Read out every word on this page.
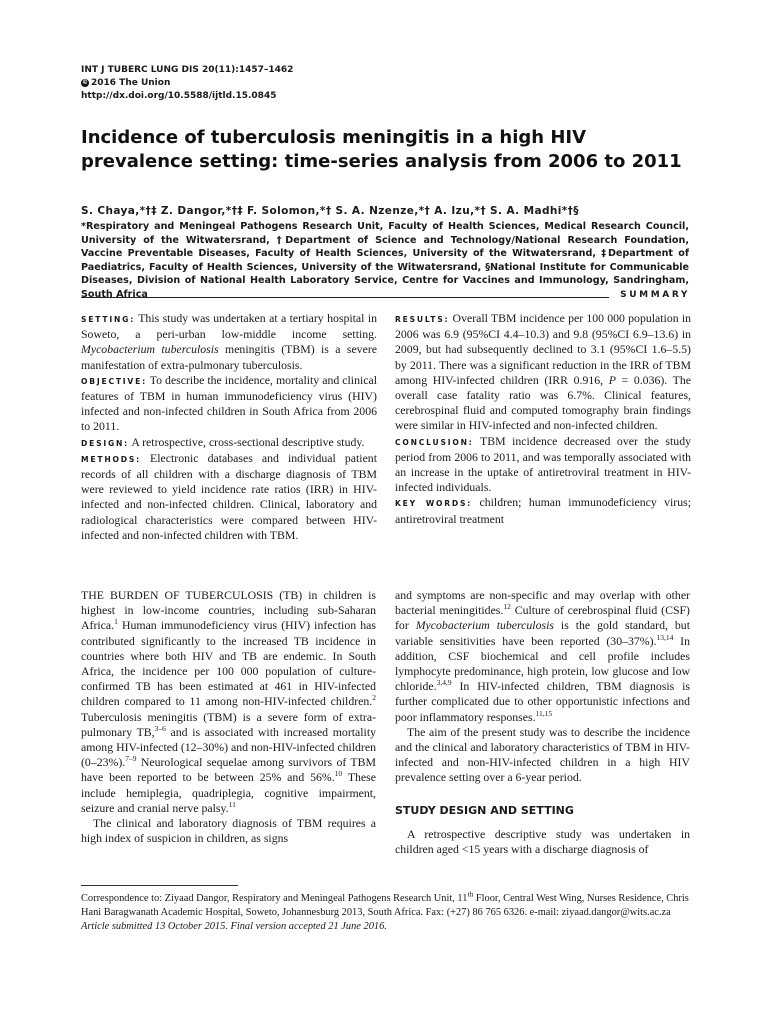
INT J TUBERC LUNG DIS 20(11):1457–1462
© 2016 The Union
http://dx.doi.org/10.5588/ijtld.15.0845
Incidence of tuberculosis meningitis in a high HIV prevalence setting: time-series analysis from 2006 to 2011
S. Chaya,*†‡ Z. Dangor,*†‡ F. Solomon,*† S. A. Nzenze,*† A. Izu,*† S. A. Madhi*†§
*Respiratory and Meningeal Pathogens Research Unit, Faculty of Health Sciences, Medical Research Council, University of the Witwatersrand, †Department of Science and Technology/National Research Foundation, Vaccine Preventable Diseases, Faculty of Health Sciences, University of the Witwatersrand, ‡Department of Paediatrics, Faculty of Health Sciences, University of the Witwatersrand, §National Institute for Communicable Diseases, Division of National Health Laboratory Service, Centre for Vaccines and Immunology, Sandringham, South Africa	SUMMARY

SETTING: This study was undertaken at a tertiary hospital in Soweto, a peri-urban low-middle income setting. Mycobacterium tuberculosis meningitis (TBM) is a severe manifestation of extra-pulmonary tuberculosis.

OBJECTIVE: To describe the incidence, mortality and clinical features of TBM in human immunodeficiency virus (HIV) infected and non-infected children in South Africa from 2006 to 2011.

DESIGN: A retrospective, cross-sectional descriptive study.

METHODS: Electronic databases and individual patient records of all children with a discharge diagnosis of TBM were reviewed to yield incidence rate ratios (IRR) in HIV-infected and non-infected children. Clinical, laboratory and radiological characteristics were compared between HIV-infected and non-infected children with TBM.

RESULTS: Overall TBM incidence per 100 000 population in 2006 was 6.9 (95%CI 4.4–10.3) and 9.8 (95%CI 6.9–13.6) in 2009, but had subsequently declined to 3.1 (95%CI 1.6–5.5) by 2011. There was a significant reduction in the IRR of TBM among HIV-infected children (IRR 0.916, P = 0.036). The overall case fatality ratio was 6.7%. Clinical features, cerebrospinal fluid and computed tomography brain findings were similar in HIV-infected and non-infected children.

CONCLUSION: TBM incidence decreased over the study period from 2006 to 2011, and was temporally associated with an increase in the uptake of antiretroviral treatment in HIV-infected individuals.

KEY WORDS: children; human immunodeficiency virus; antiretroviral treatment

THE BURDEN OF TUBERCULOSIS (TB) in children is highest in low-income countries, including sub-Saharan Africa.$^1$ Human immunodeficiency virus (HIV) infection has contributed significantly to the increased TB incidence in countries where both HIV and TB are endemic. In South Africa, the incidence per 100 000 population of culture-confirmed TB has been estimated at 461 in HIV-infected children compared to 11 among non-HIV-infected children.$^2$ Tuberculosis meningitis (TBM) is a severe form of extra-pulmonary TB,$^{3-6}$ and is associated with increased mortality among HIV-infected (12–30%) and non-HIV-infected children (0–23%).$^{7-9}$ Neurological sequelae among survivors of TBM have been reported to be between 25% and 56%.$^{10}$ These include hemiplegia, quadriplegia, cognitive impairment, seizure and cranial nerve palsy.$^{11}$

The clinical and laboratory diagnosis of TBM requires a high index of suspicion in children, as signs

and symptoms are non-specific and may overlap with other bacterial meningitides.$^{12}$ Culture of cerebrospinal fluid (CSF) for Mycobacterium tuberculosis is the gold standard, but variable sensitivities have been reported (30–37%).$^{13,14}$ In addition, CSF biochemical and cell profile includes lymphocyte predominance, high protein, low glucose and low chloride.$^{3,4,9}$ In HIV-infected children, TBM diagnosis is further complicated due to other opportunistic infections and poor inflammatory responses.$^{11,15}$

The aim of the present study was to describe the incidence and the clinical and laboratory characteristics of TBM in HIV-infected and non-HIV-infected children in a high HIV prevalence setting over a 6-year period.

STUDY DESIGN AND SETTING

A retrospective descriptive study was undertaken in children aged <15 years with a discharge diagnosis of

Correspondence to: Ziyaad Dangor, Respiratory and Meningeal Pathogens Research Unit, 11th Floor, Central West Wing, Nurses Residence, Chris Hani Baragwanath Academic Hospital, Soweto, Johannesburg 2013, South Africa. Fax: (+27) 86 765 6326. e-mail: ziyaad.dangor@wits.ac.za

Article submitted 13 October 2015. Final version accepted 21 June 2016.
